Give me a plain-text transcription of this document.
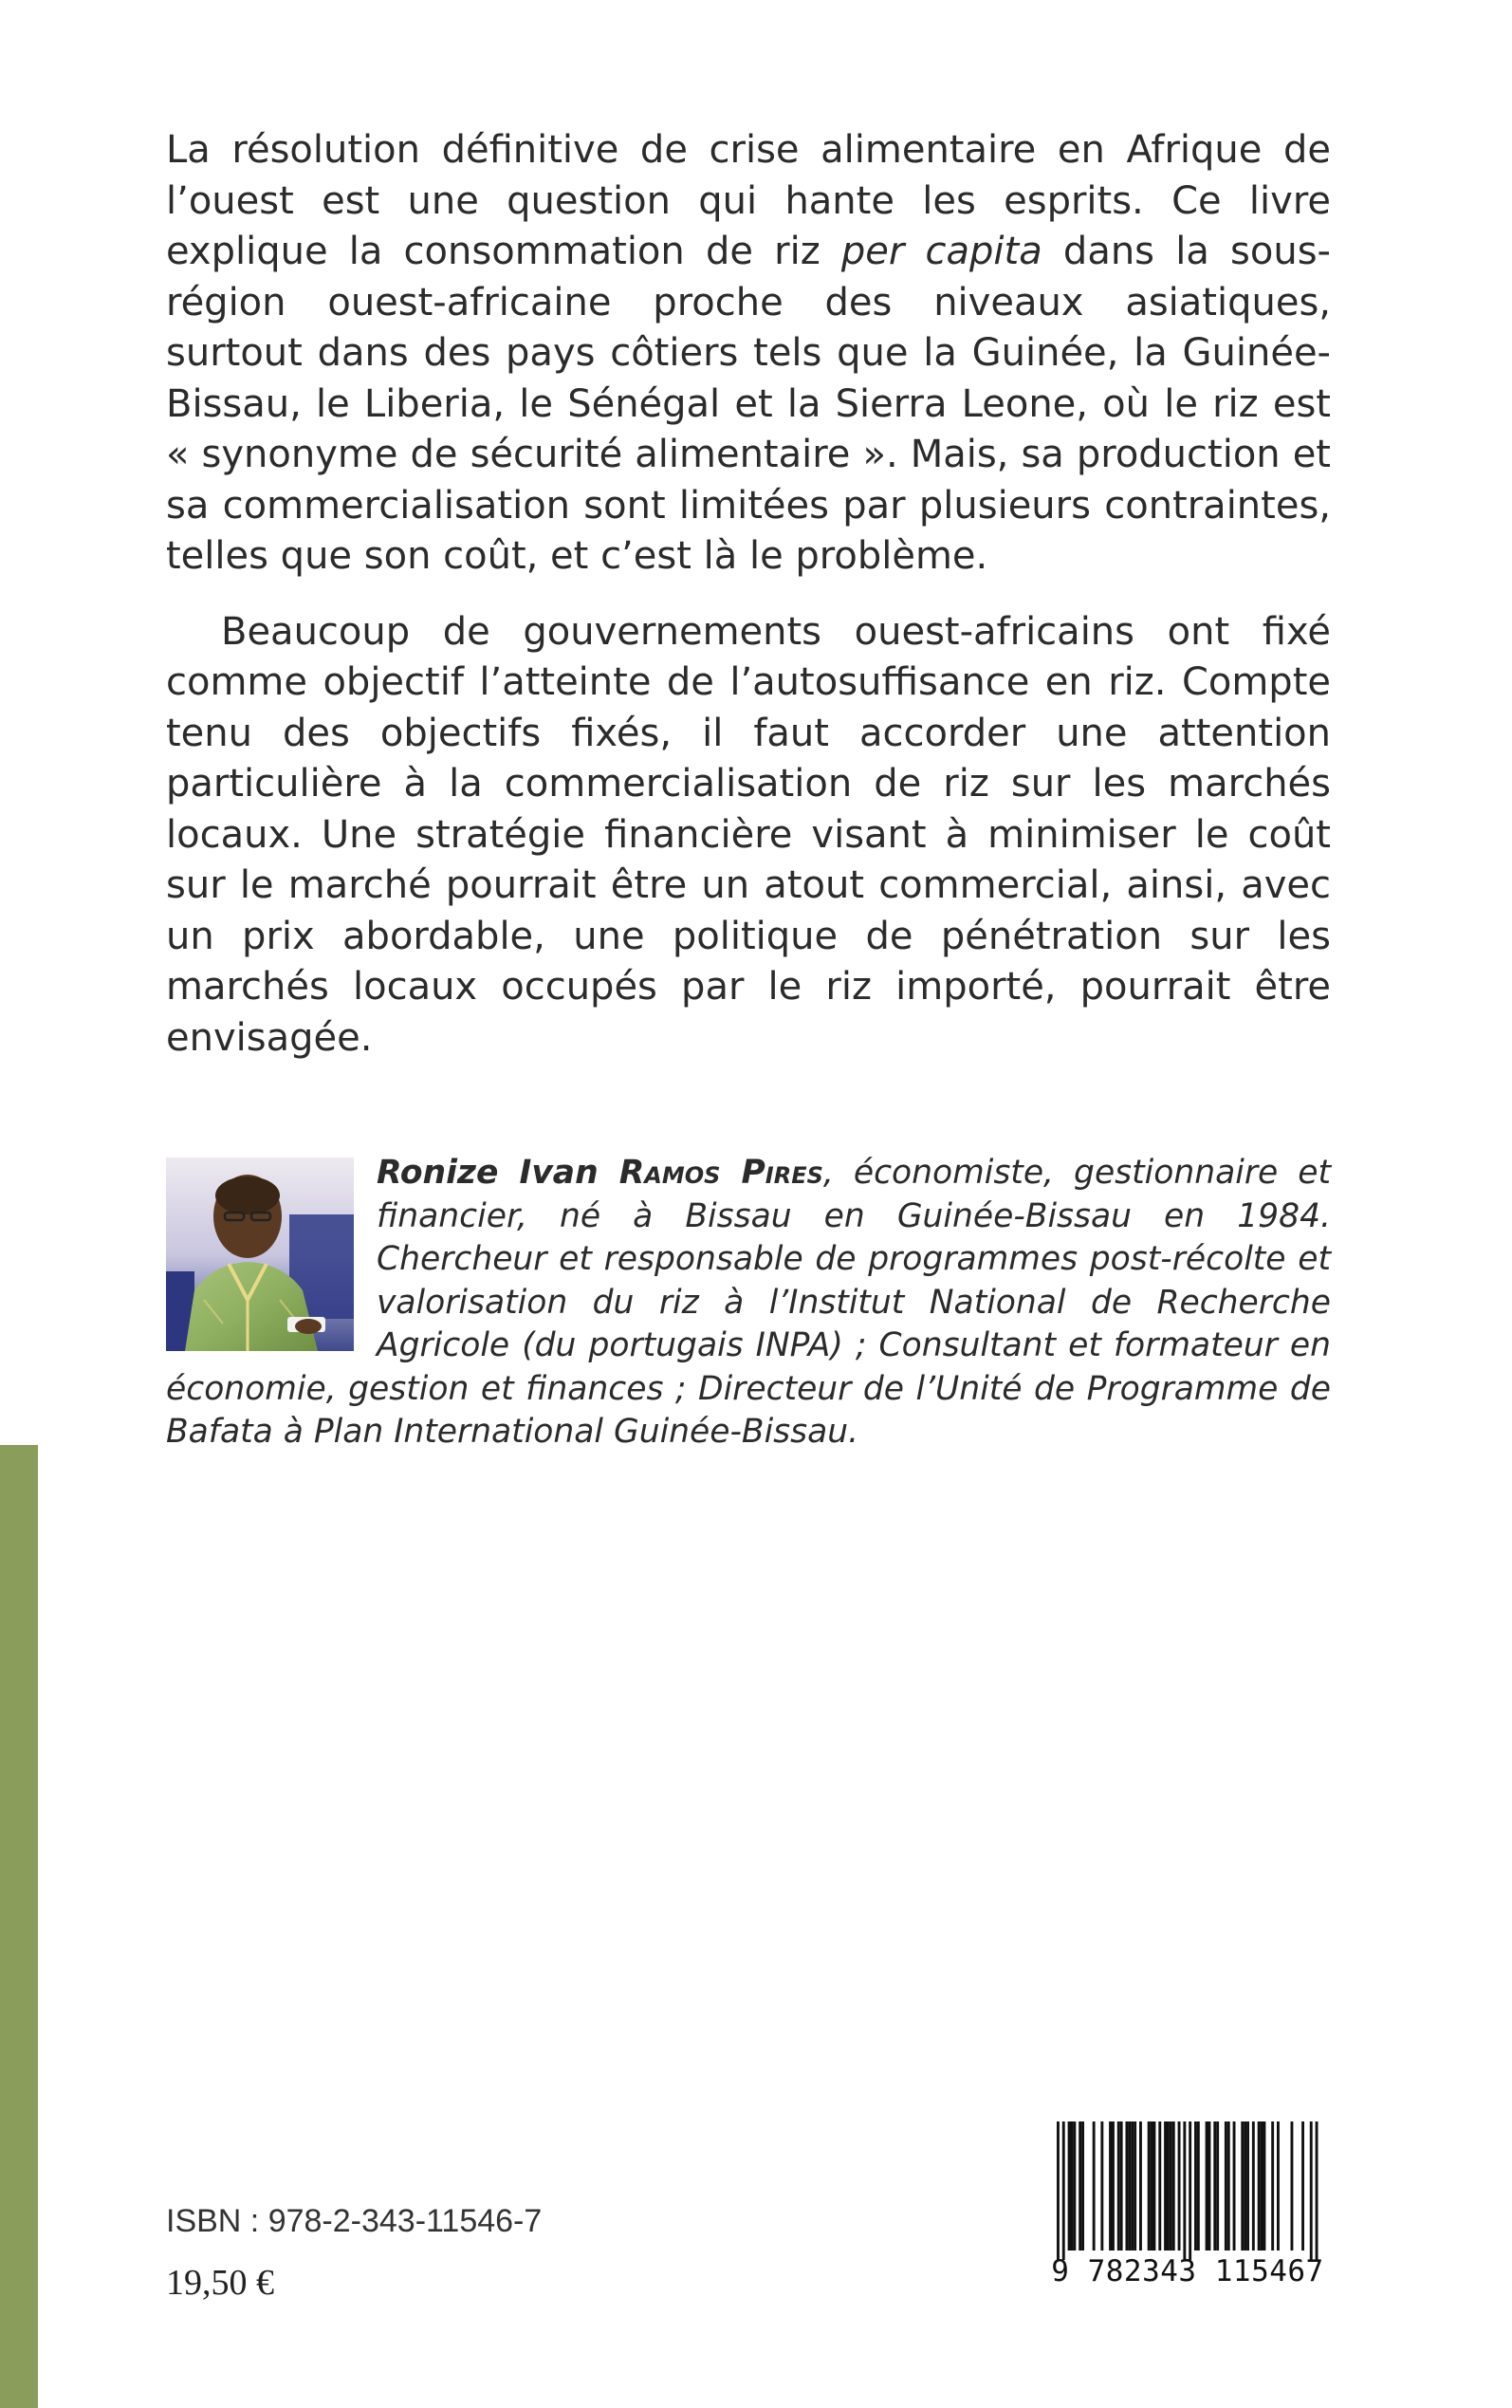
La résolution définitive de crise alimentaire en Afrique de l’ouest est une question qui hante les esprits. Ce livre explique la consommation de riz per capita dans la sous-région ouest-africaine proche des niveaux asiatiques, surtout dans des pays côtiers tels que la Guinée, la Guinée-Bissau, le Liberia, le Sénégal et la Sierra Leone, où le riz est « synonyme de sécurité alimentaire ». Mais, sa production et sa commercialisation sont limitées par plusieurs contraintes, telles que son coût, et c’est là le problème.

Beaucoup de gouvernements ouest-africains ont fixé comme objectif l’atteinte de l’autosuffisance en riz. Compte tenu des objectifs fixés, il faut accorder une attention particulière à la commercialisation de riz sur les marchés locaux. Une stratégie financière visant à minimiser le coût sur le marché pourrait être un atout commercial, ainsi, avec un prix abordable, une politique de pénétration sur les marchés locaux occupés par le riz importé, pourrait être envisagée.

Ronize Ivan Ramos Pires, économiste, gestionnaire et financier, né à Bissau en Guinée-Bissau en 1984. Chercheur et responsable de programmes post-récolte et valorisation du riz à l’Institut National de Recherche Agricole (du portugais INPA) ; Consultant et formateur en économie, gestion et finances ; Directeur de l’Unité de Programme de Bafata à Plan International Guinée-Bissau.
ISBN : 978-2-343-11546-7
19,50 €	9 782343 115467
